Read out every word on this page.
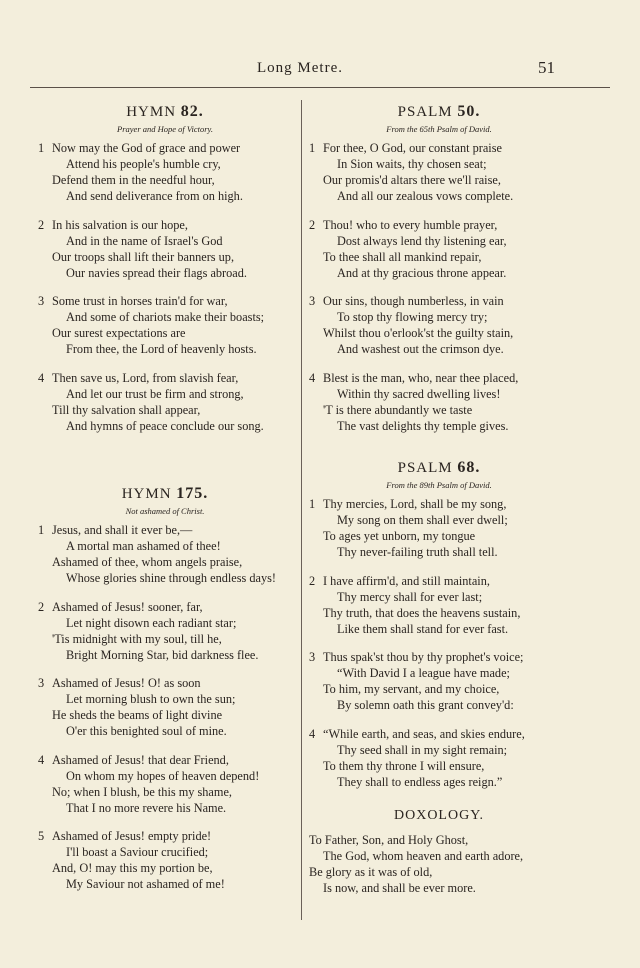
Long Metre.	51
HYMN 82.
Prayer and Hope of Victory.
1 Now may the God of grace and power
Attend his people's humble cry,
Defend them in the needful hour,
And send deliverance from on high.
2 In his salvation is our hope,
And in the name of Israel's God
Our troops shall lift their banners up,
Our navies spread their flags abroad.
3 Some trust in horses train'd for war,
And some of chariots make their boasts;
Our surest expectations are
From thee, the Lord of heavenly hosts.
4 Then save us, Lord, from slavish fear,
And let our trust be firm and strong,
Till thy salvation shall appear,
And hymns of peace conclude our song.
HYMN 175.
Not ashamed of Christ.
1 Jesus, and shall it ever be,—
A mortal man ashamed of thee!
Ashamed of thee, whom angels praise,
Whose glories shine through endless days!
2 Ashamed of Jesus! sooner, far,
Let night disown each radiant star;
'Tis midnight with my soul, till he,
Bright Morning Star, bid darkness flee.
3 Ashamed of Jesus! O! as soon
Let morning blush to own the sun;
He sheds the beams of light divine
O'er this benighted soul of mine.
4 Ashamed of Jesus! that dear Friend,
On whom my hopes of heaven depend!
No; when I blush, be this my shame,
That I no more revere his Name.
5 Ashamed of Jesus! empty pride!
I'll boast a Saviour crucified;
And, O! may this my portion be,
My Saviour not ashamed of me!
PSALM 50.
From the 65th Psalm of David.
1 For thee, O God, our constant praise
In Sion waits, thy chosen seat;
Our promis'd altars there we'll raise,
And all our zealous vows complete.
2 Thou! who to every humble prayer,
Dost always lend thy listening ear,
To thee shall all mankind repair,
And at thy gracious throne appear.
3 Our sins, though numberless, in vain
To stop thy flowing mercy try;
Whilst thou o'erlook'st the guilty stain,
And washest out the crimson dye.
4 Blest is the man, who, near thee placed,
Within thy sacred dwelling lives!
'T is there abundantly we taste
The vast delights thy temple gives.
PSALM 68.
From the 89th Psalm of David.
1 Thy mercies, Lord, shall be my song,
My song on them shall ever dwell;
To ages yet unborn, my tongue
Thy never-failing truth shall tell.
2 I have affirm'd, and still maintain,
Thy mercy shall for ever last;
Thy truth, that does the heavens sustain,
Like them shall stand for ever fast.
3 Thus spak'st thou by thy prophet's voice;
“With David I a league have made;
To him, my servant, and my choice,
By solemn oath this grant convey'd:
4 “While earth, and seas, and skies endure,
Thy seed shall in my sight remain;
To them thy throne I will ensure,
They shall to endless ages reign.”
DOXOLOGY.
To Father, Son, and Holy Ghost,
The God, whom heaven and earth adore,
Be glory as it was of old,
Is now, and shall be ever more.
